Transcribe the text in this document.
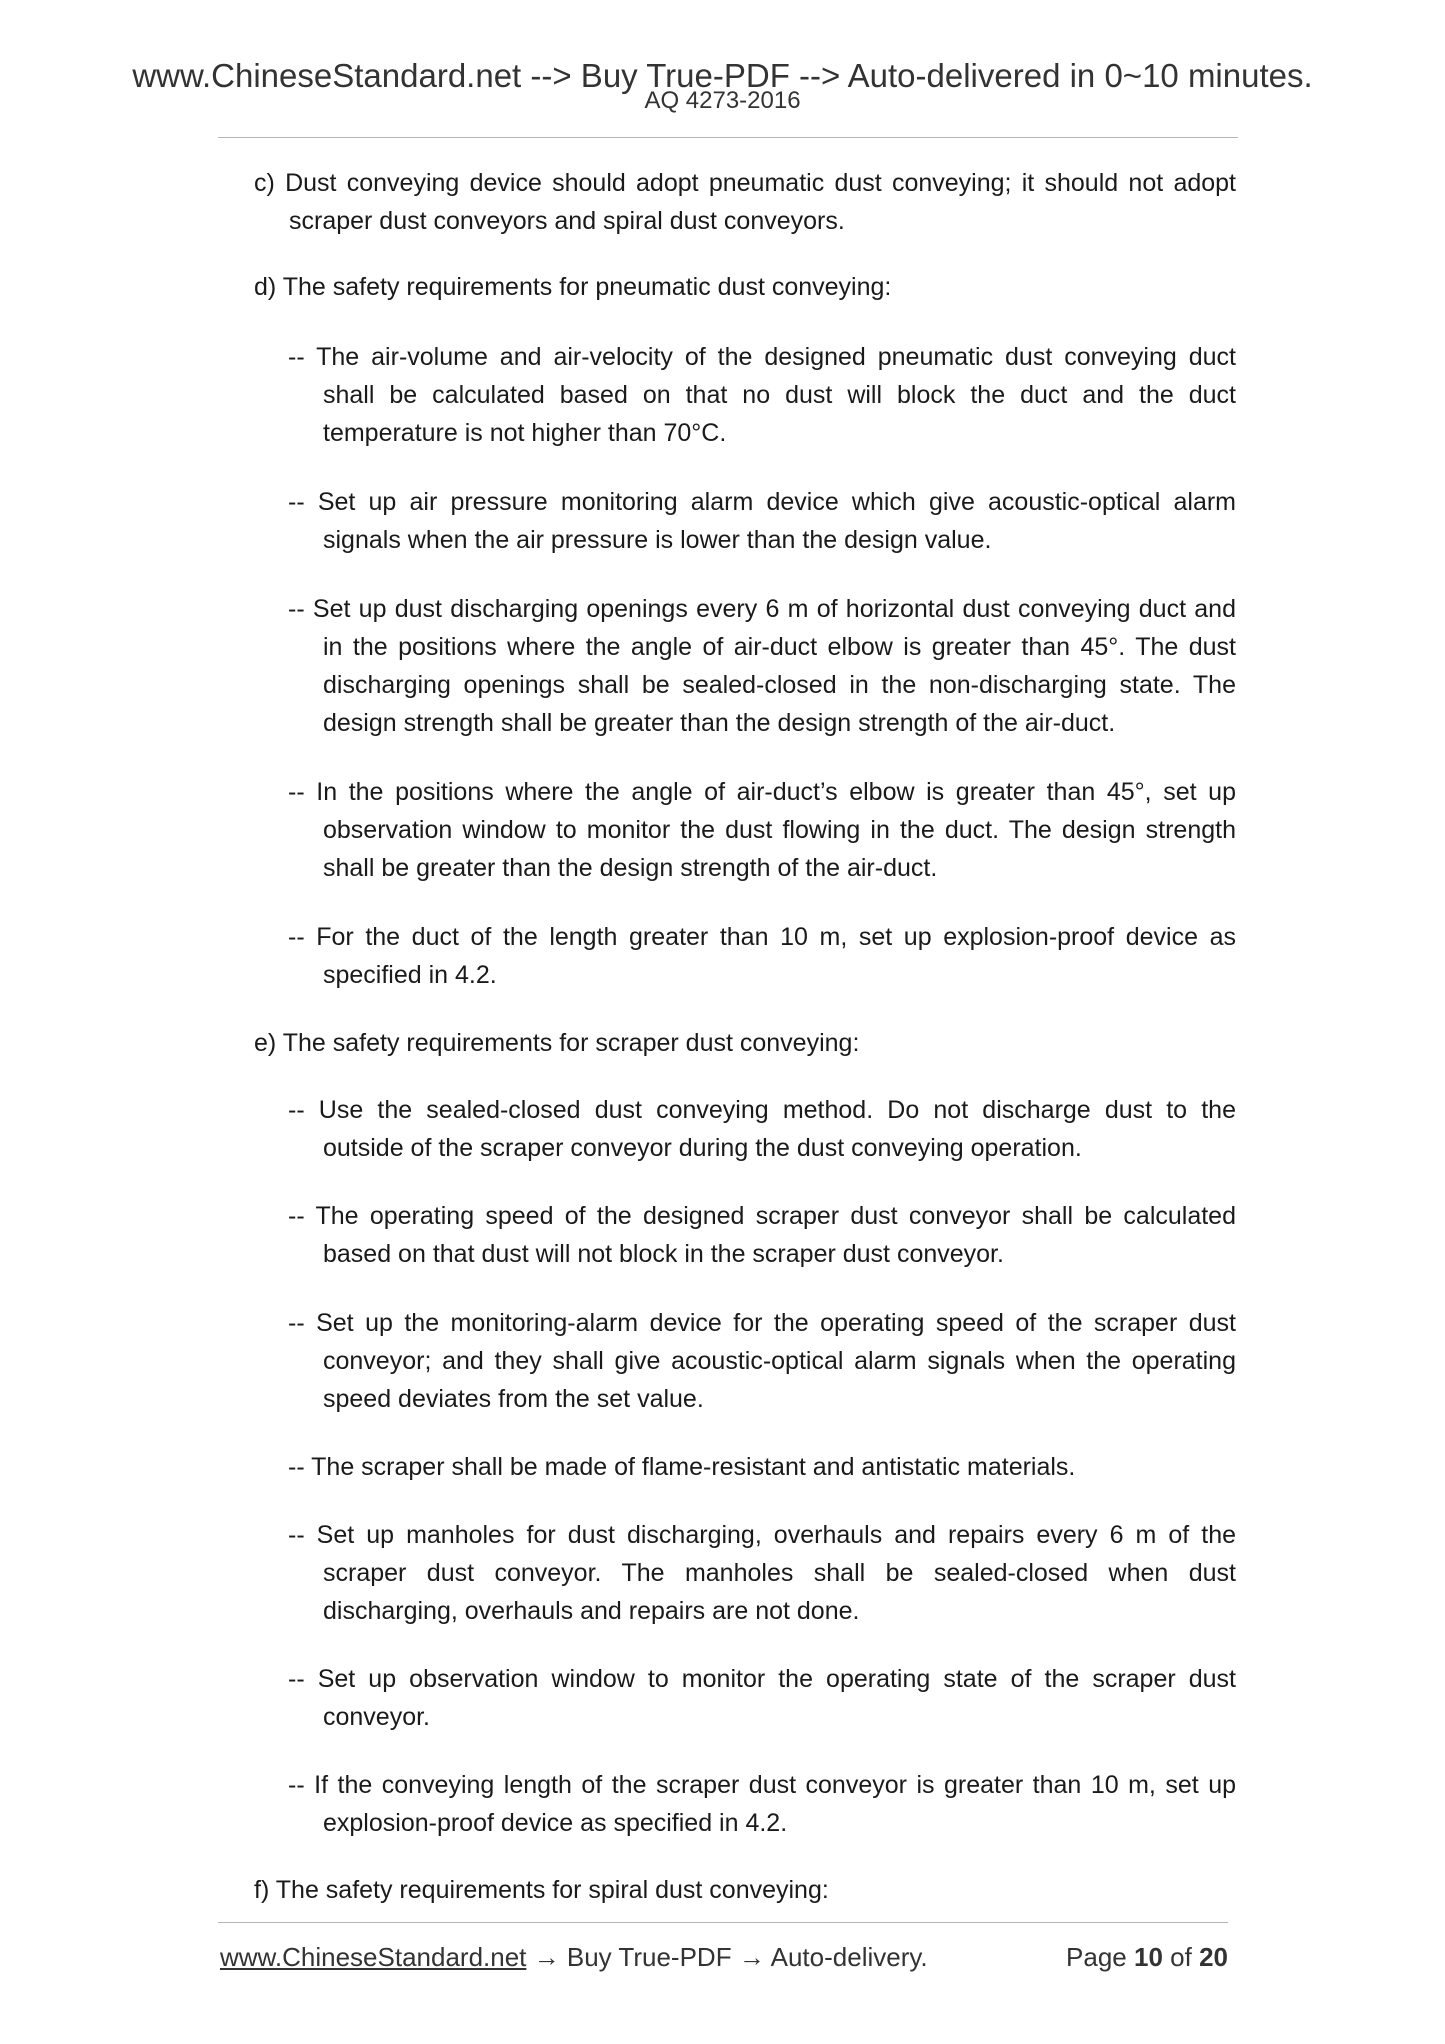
www.ChineseStandard.net --> Buy True-PDF --> Auto-delivered in 0~10 minutes.
AQ 4273-2016

c) Dust conveying device should adopt pneumatic dust conveying; it should not adopt scraper dust conveyors and spiral dust conveyors.

d) The safety requirements for pneumatic dust conveying:

-- The air-volume and air-velocity of the designed pneumatic dust conveying duct shall be calculated based on that no dust will block the duct and the duct temperature is not higher than 70°C.

-- Set up air pressure monitoring alarm device which give acoustic-optical alarm signals when the air pressure is lower than the design value.

-- Set up dust discharging openings every 6 m of horizontal dust conveying duct and in the positions where the angle of air-duct elbow is greater than 45°. The dust discharging openings shall be sealed-closed in the non-discharging state. The design strength shall be greater than the design strength of the air-duct.

-- In the positions where the angle of air-duct’s elbow is greater than 45°, set up observation window to monitor the dust flowing in the duct. The design strength shall be greater than the design strength of the air-duct.

-- For the duct of the length greater than 10 m, set up explosion-proof device as specified in 4.2.

e) The safety requirements for scraper dust conveying:

-- Use the sealed-closed dust conveying method. Do not discharge dust to the outside of the scraper conveyor during the dust conveying operation.

-- The operating speed of the designed scraper dust conveyor shall be calculated based on that dust will not block in the scraper dust conveyor.

-- Set up the monitoring-alarm device for the operating speed of the scraper dust conveyor; and they shall give acoustic-optical alarm signals when the operating speed deviates from the set value.

-- The scraper shall be made of flame-resistant and antistatic materials.

-- Set up manholes for dust discharging, overhauls and repairs every 6 m of the scraper dust conveyor. The manholes shall be sealed-closed when dust discharging, overhauls and repairs are not done.

-- Set up observation window to monitor the operating state of the scraper dust conveyor.

-- If the conveying length of the scraper dust conveyor is greater than 10 m, set up explosion-proof device as specified in 4.2.

f) The safety requirements for spiral dust conveying:

www.ChineseStandard.net → Buy True-PDF → Auto-delivery.	Page 10 of 20
